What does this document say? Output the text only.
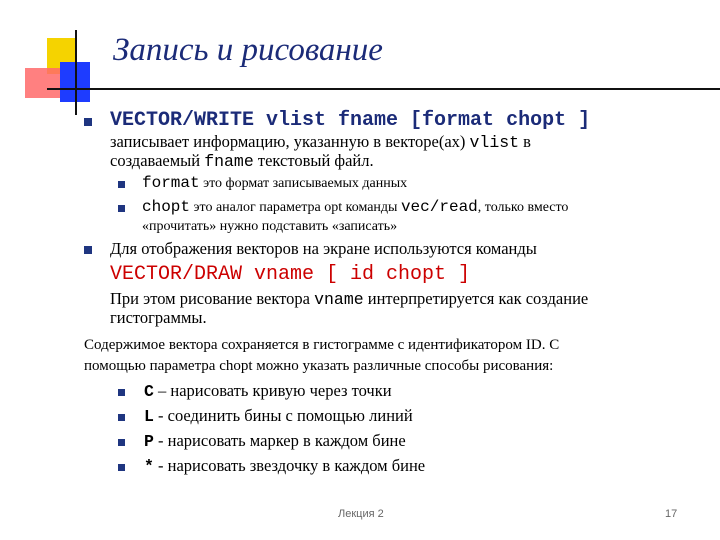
Запись и рисование
VECTOR/WRITE vlist fname [format chopt ]
записывает информацию, указанную в векторе(ах) vlist в
создаваемый fname текстовый файл.
format это формат записываемых данных
chopt это аналог параметра opt команды vec/read, только вместо
«прочитать» нужно подставить «записать»
Для отображения векторов на экране используются команды
VECTOR/DRAW vname [ id chopt ]
При этом рисование вектора vname интерпретируется как создание
гистограммы.
Содержимое вектора сохраняется в гистограмме с идентификатором ID. С
помощью параметра chopt можно указать различные способы рисования:
C – нарисовать кривую через точки
L - соединить бины с помощью линий
P - нарисовать маркер в каждом бине
* - нарисовать звездочку в каждом бине
Лекция 2	17
